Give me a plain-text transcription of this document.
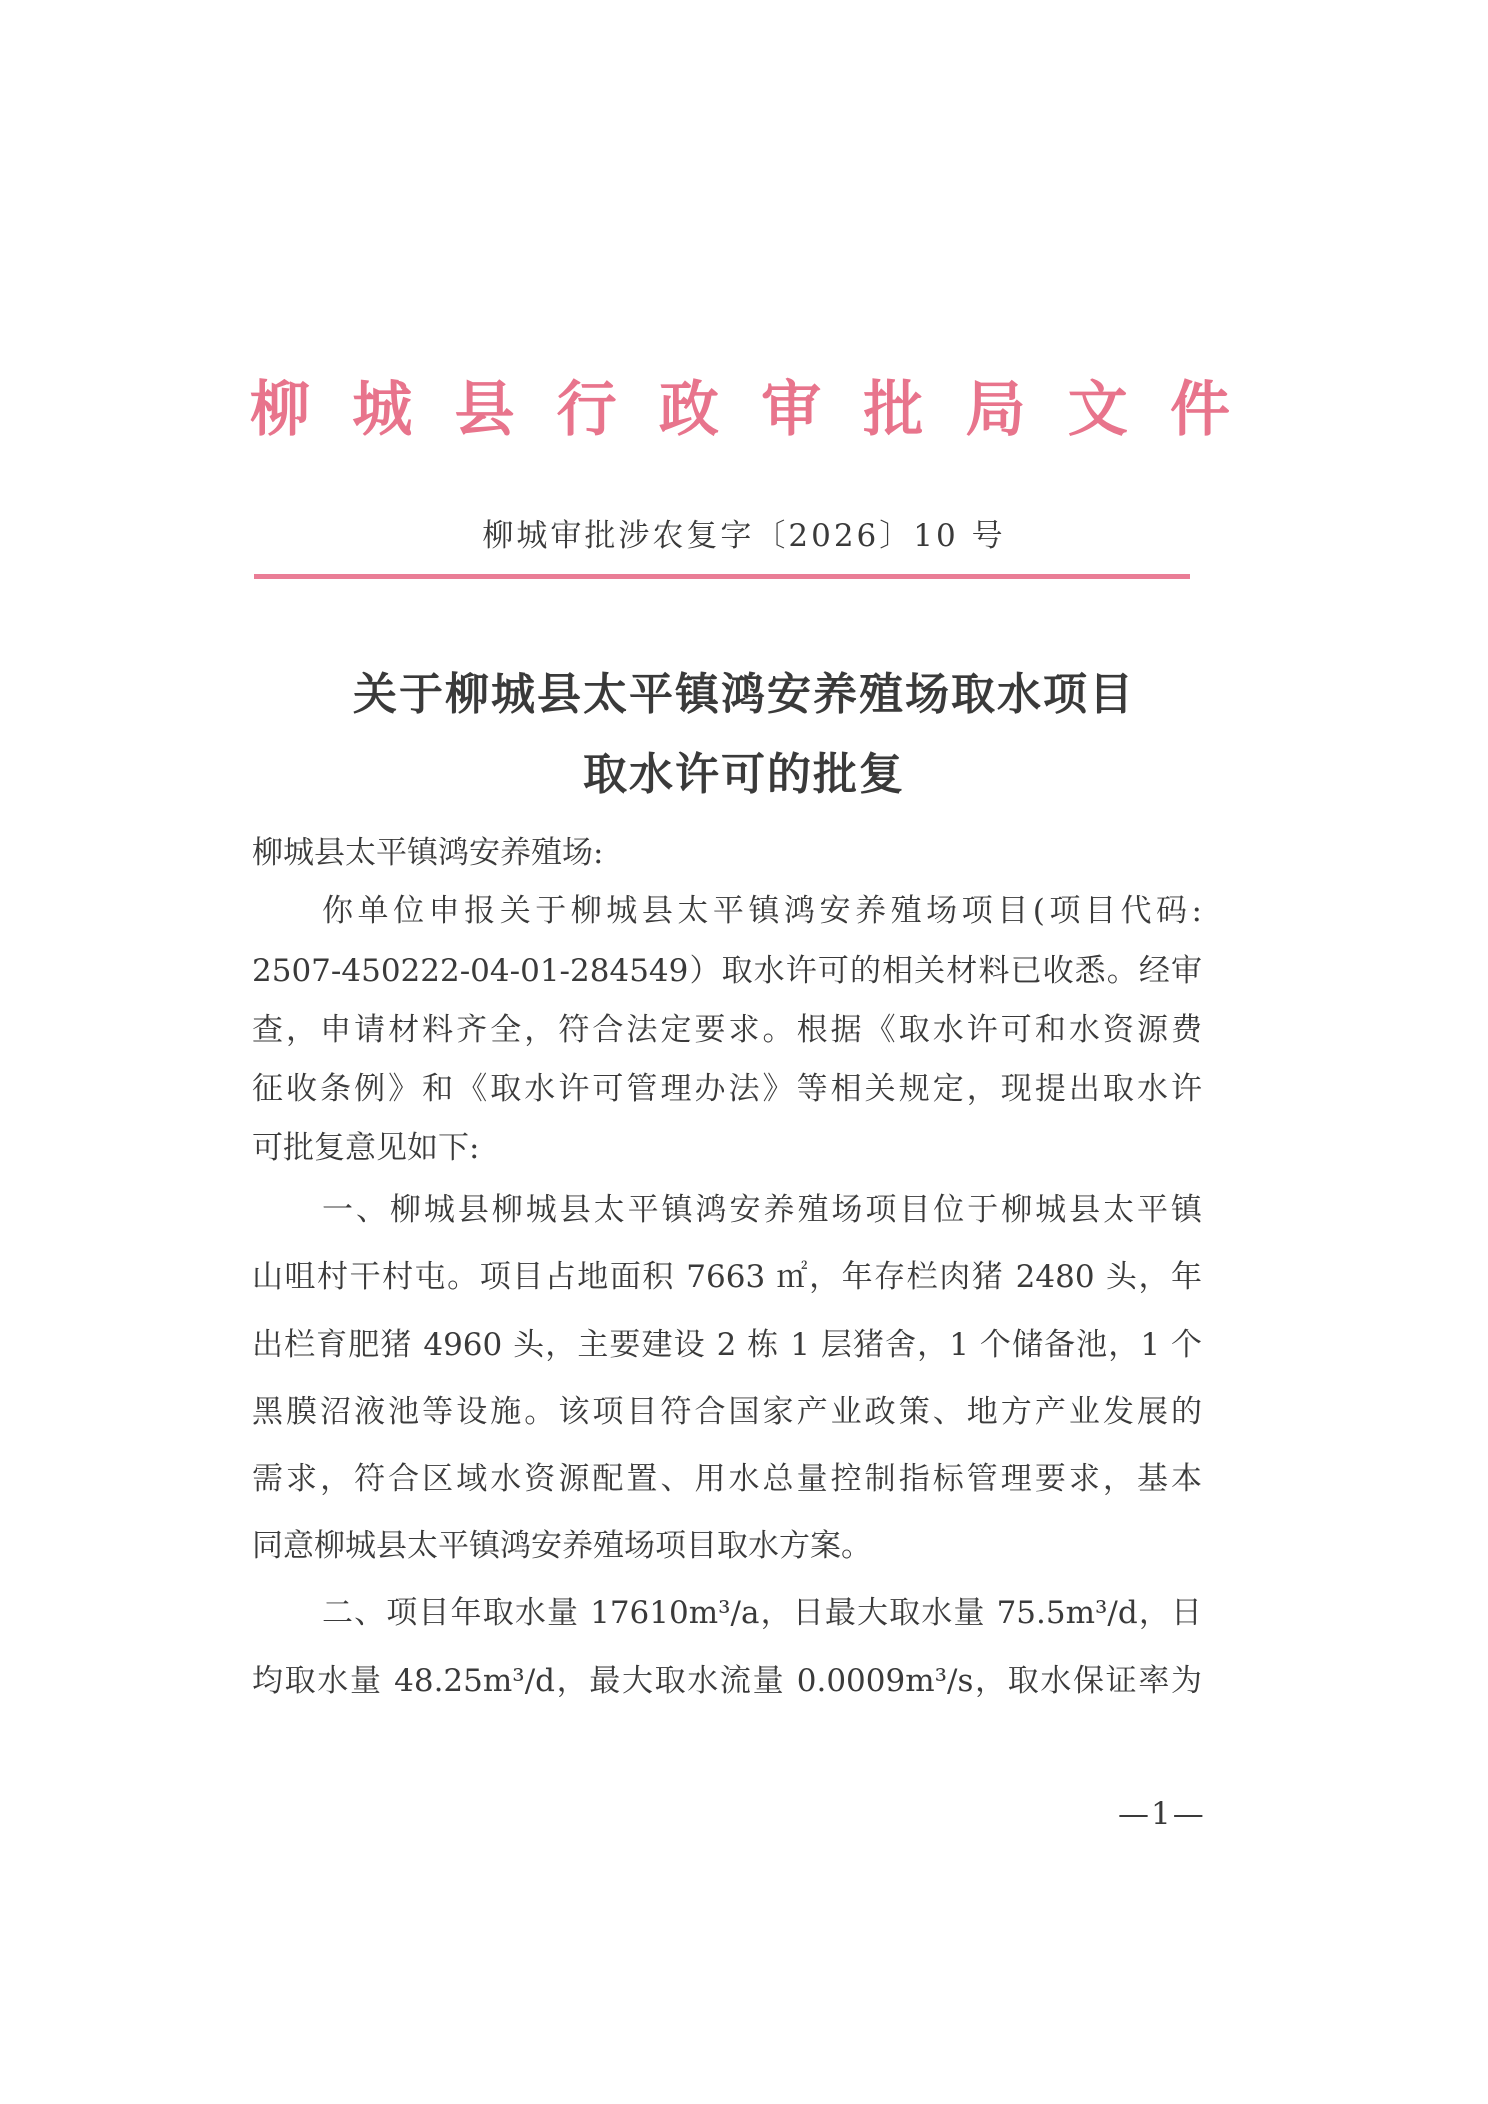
柳 城 县 行 政 审 批 局 文 件
柳城审批涉农复字〔2026〕10 号
关于柳城县太平镇鸿安养殖场取水项目
取水许可的批复
柳城县太平镇鸿安养殖场:
你单位申报关于柳城县太平镇鸿安养殖场项目(项目代码:
2507-450222-04-01-284549）取水许可的相关材料已收悉。经审
查，申请材料齐全，符合法定要求。根据《取水许可和水资源费
征收条例》和《取水许可管理办法》等相关规定，现提出取水许
可批复意见如下:
一、柳城县柳城县太平镇鸿安养殖场项目位于柳城县太平镇
山咀村干村屯。项目占地面积 7663 ㎡，年存栏肉猪 2480 头，年
出栏育肥猪 4960 头，主要建设 2 栋 1 层猪舍，1 个储备池，1 个
黑膜沼液池等设施。该项目符合国家产业政策、地方产业发展的
需求，符合区域水资源配置、用水总量控制指标管理要求，基本
同意柳城县太平镇鸿安养殖场项目取水方案。
二、项目年取水量 17610m³/a，日最大取水量 75.5m³/d，日
均取水量 48.25m³/d，最大取水流量 0.0009m³/s，取水保证率为
—1—
